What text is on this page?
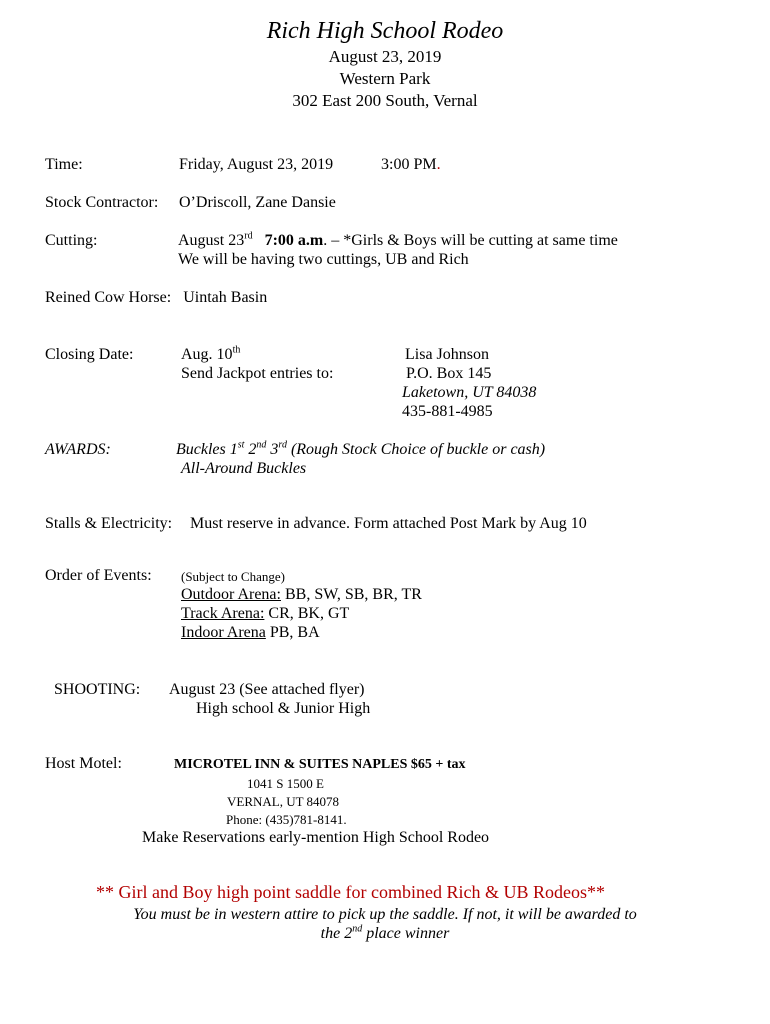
Rich High School Rodeo
August 23, 2019
Western Park
302 East 200 South, Vernal
Time:	Friday, August 23, 2019	3:00 PM.
Stock Contractor: O’Driscoll, Zane Dansie
Cutting:	August 23rd 7:00 a.m. – *Girls & Boys will be cutting at same time
We will be having two cuttings, UB and Rich
Reined Cow Horse: Uintah Basin
Closing Date:	Aug. 10th
Send Jackpot entries to:
Lisa Johnson
P.O. Box 145
Laketown, UT 84038
435-881-4985
AWARDS:	Buckles 1st 2nd 3rd (Rough Stock Choice of buckle or cash)
All-Around Buckles
Stalls & Electricity: Must reserve in advance. Form attached Post Mark by Aug 10
Order of Events: (Subject to Change)
Outdoor Arena: BB, SW, SB, BR, TR
Track Arena: CR, BK, GT
Indoor Arena PB, BA
SHOOTING: August 23 (See attached flyer)
High school & Junior High
Host Motel:	MICROTEL INN & SUITES NAPLES $65 + tax
1041 S 1500 E
VERNAL, UT 84078
Phone: (435)781-8141.
Make Reservations early-mention High School Rodeo
** Girl and Boy high point saddle for combined Rich & UB Rodeos**
You must be in western attire to pick up the saddle. If not, it will be awarded to
the 2nd place winner
